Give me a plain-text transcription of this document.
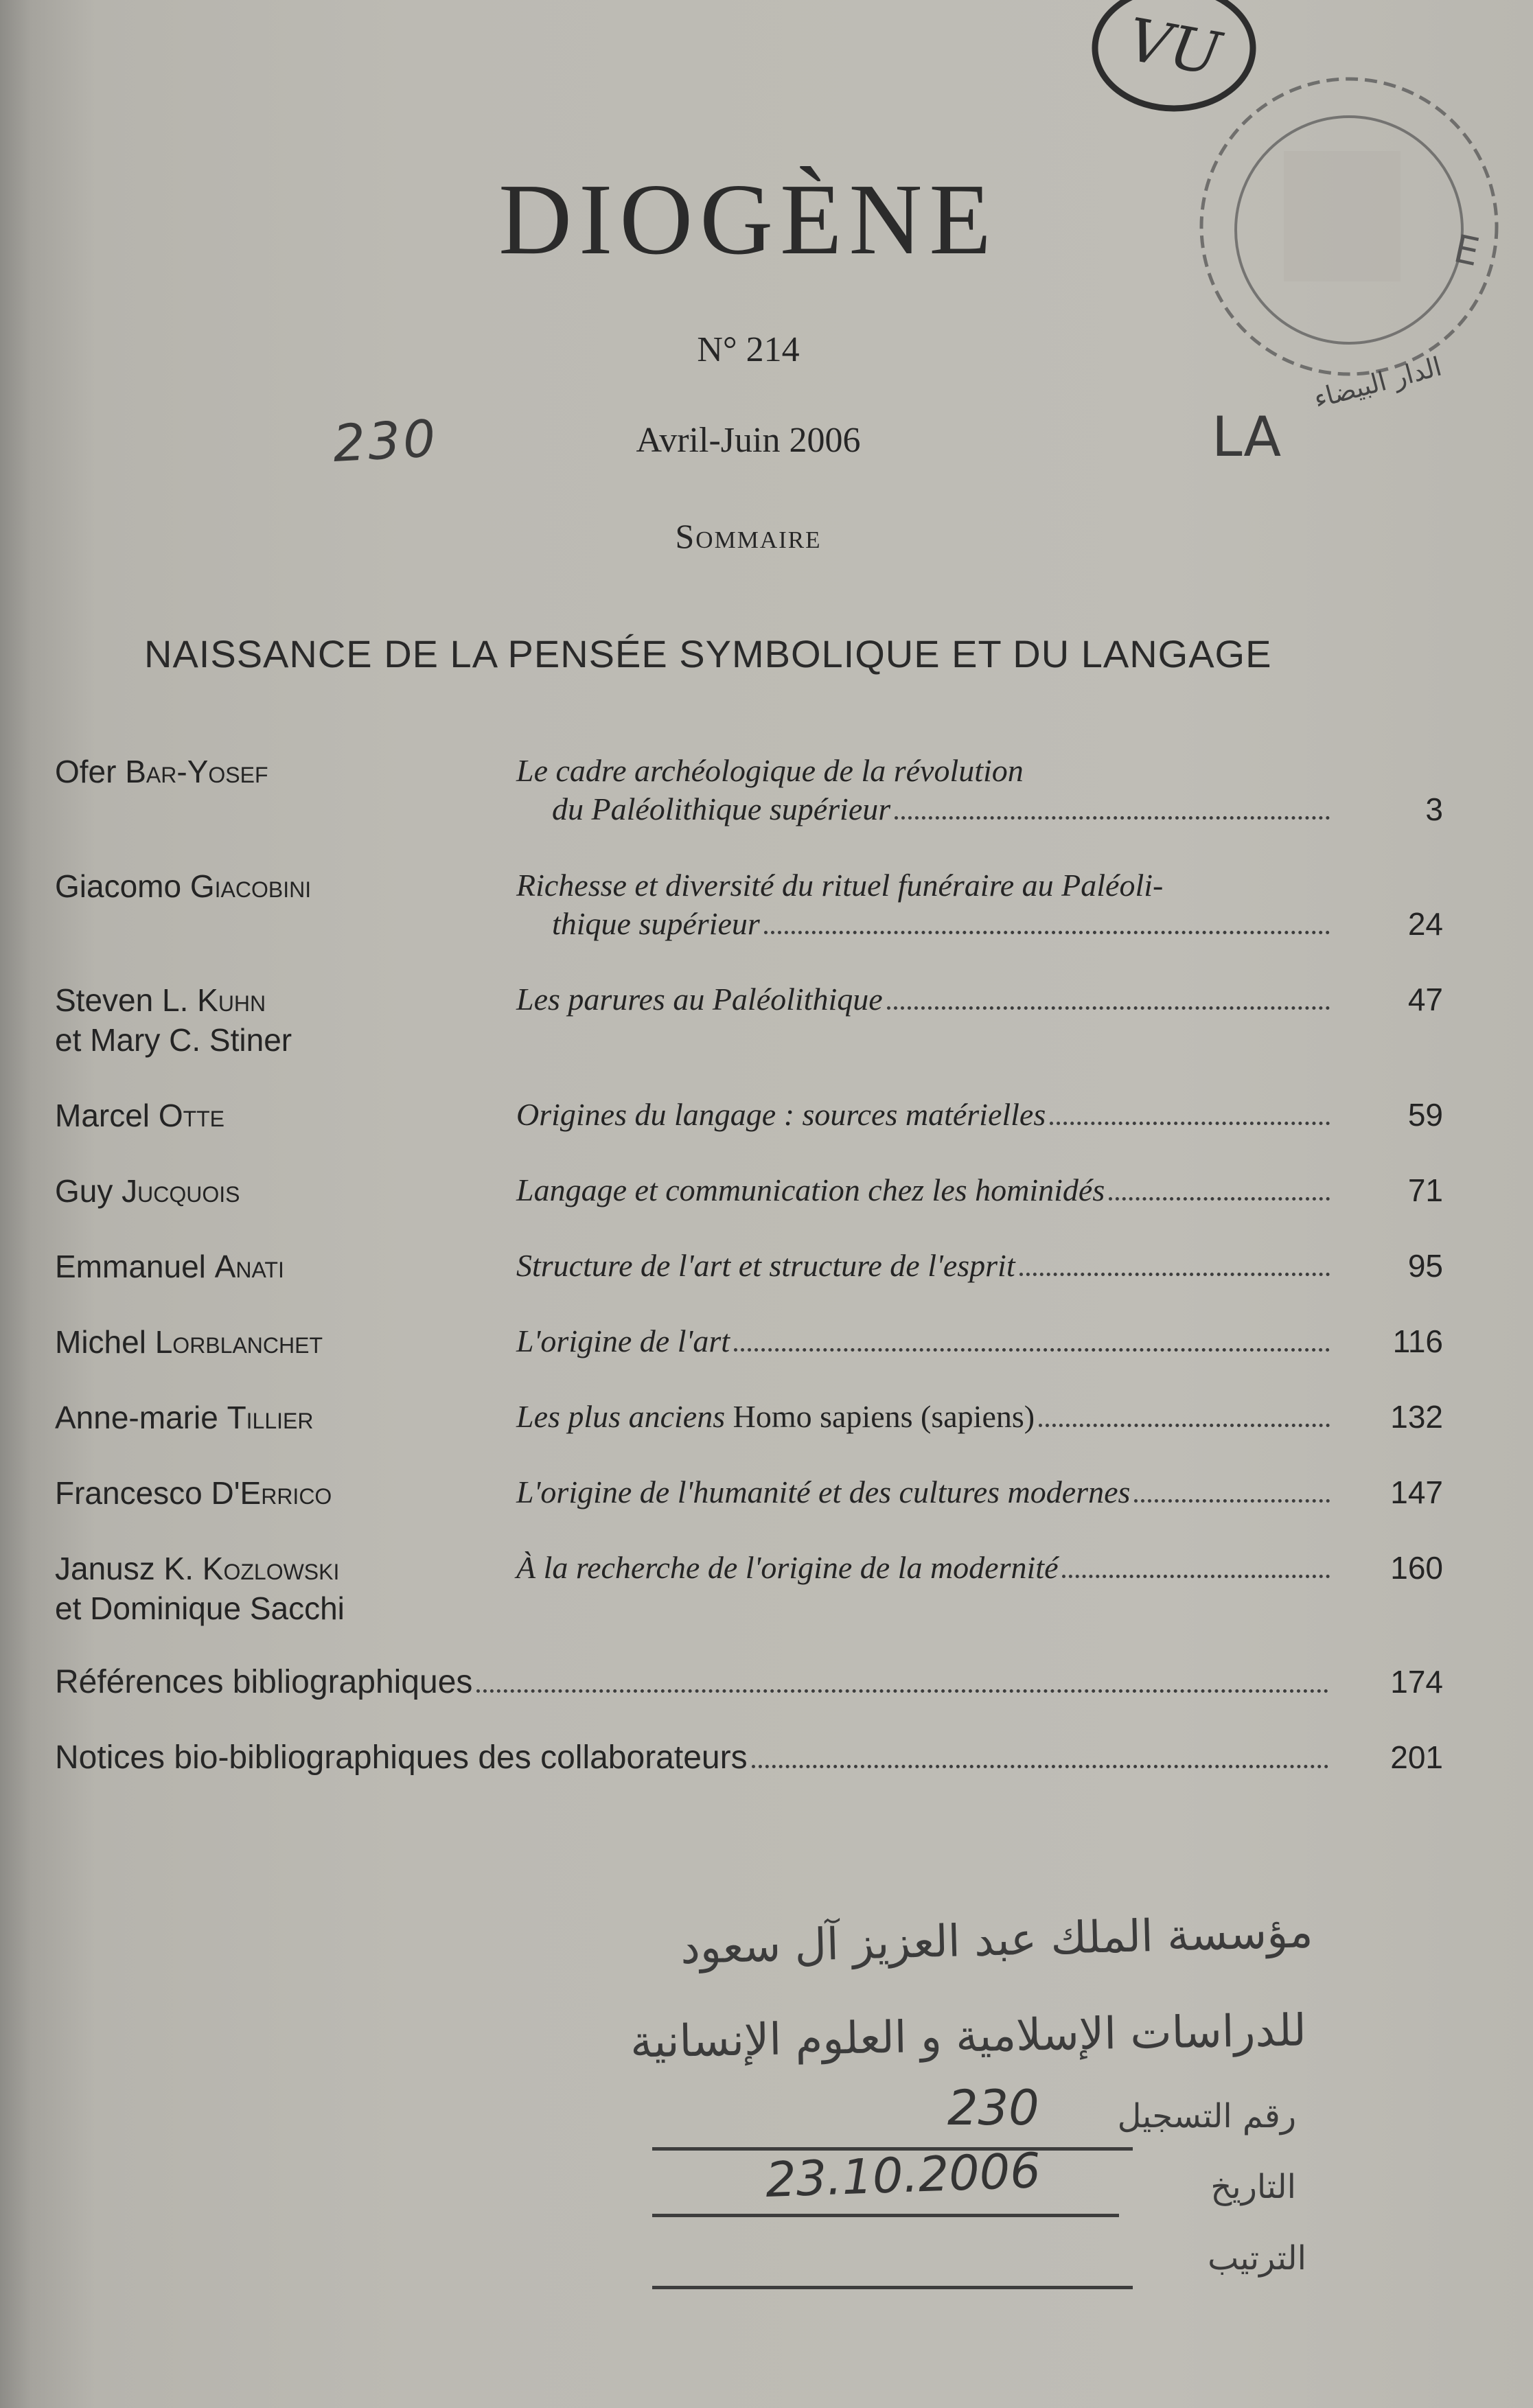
VU
الدار البيضاء
E
DIOGÈNE
N° 214
230	Avril-Juin 2006	LA
Sommaire
NAISSANCE DE LA PENSÉE SYMBOLIQUE ET DU LANGAGE
Ofer Bar-Yosef	Le cadre archéologique de la révolution
du Paléolithique supérieur	3
Giacomo Giacobini	Richesse et diversité du rituel funéraire au Paléoli-
thique supérieur	24
Steven L. Kuhn
et Mary C. Stiner
Les parures au Paléolithique	47
Marcel Otte	Origines du langage : sources matérielles	59
Guy Jucquois	Langage et communication chez les hominidés	71
Emmanuel Anati	Structure de l'art et structure de l'esprit	95
Michel Lorblanchet	L'origine de l'art	116
Anne-marie Tillier	Les plus anciens Homo sapiens (sapiens)	132
Francesco D'Errico	L'origine de l'humanité et des cultures modernes	147
Janusz K. Kozlowski
et Dominique Sacchi
À la recherche de l'origine de la modernité	160
Références bibliographiques	174
Notices bio-bibliographiques des collaborateurs	201
مؤسسة الملك عبد العزيز آل سعود
للدراسات الإسلامية و العلوم الإنسانية
رقم التسجيل
230
التاريخ
23.10.2006
الترتيب
